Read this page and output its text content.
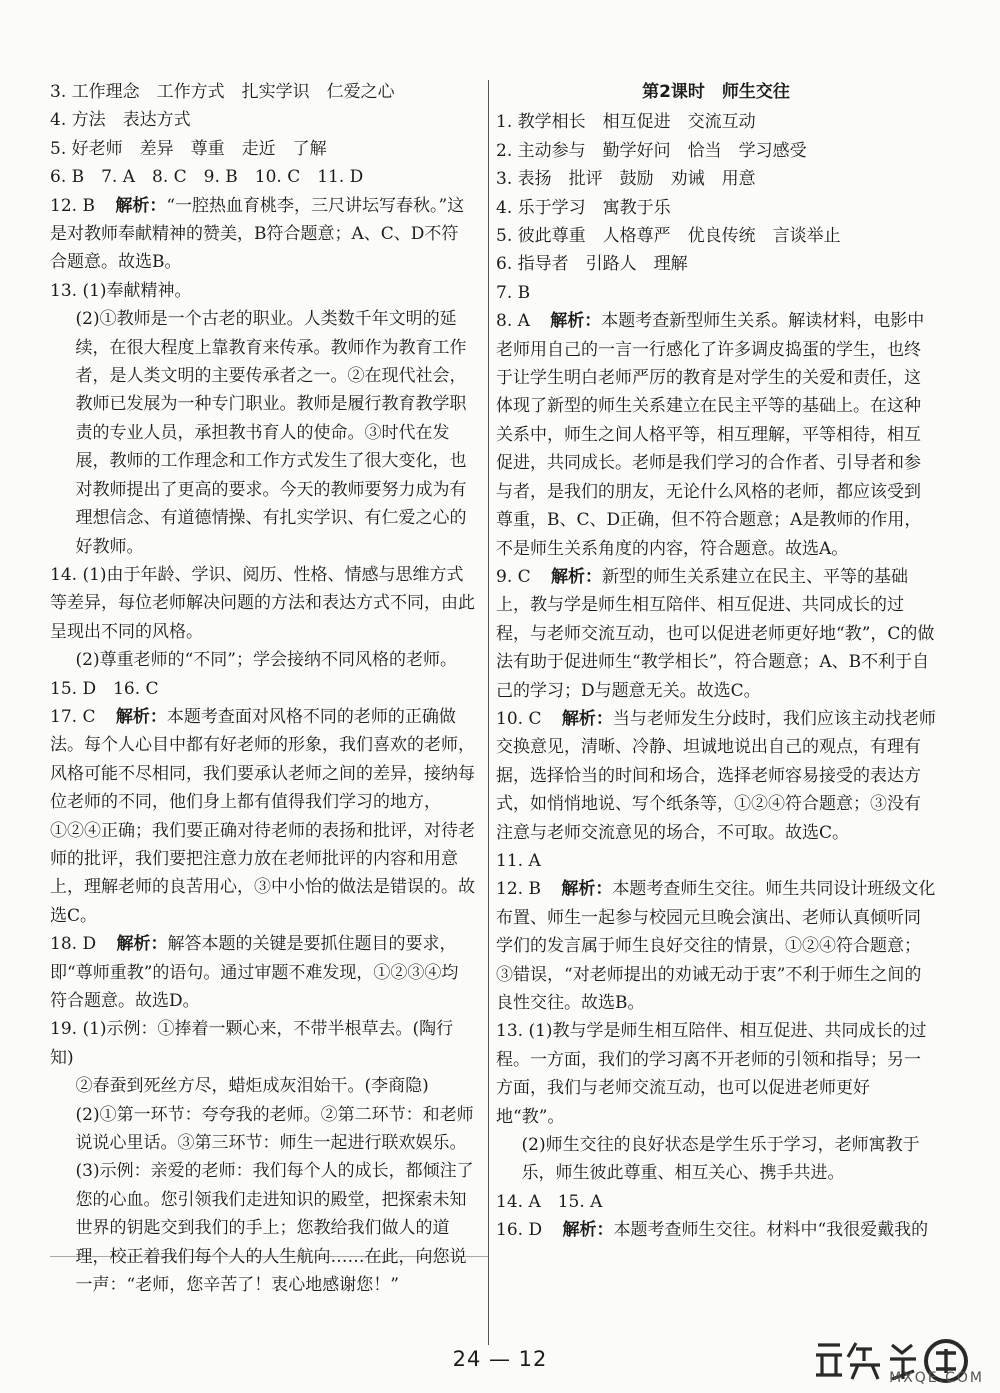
3. 工作理念　工作方式　扎实学识　仁爱之心
4. 方法　表达方式
5. 好老师　差异　尊重　走近　了解
6. B　7. A　8. C　9. B　10. C　11. D
12. B 解析：“一腔热血育桃李，三尺讲坛写春秋。”这是对教师奉献精神的赞美，B符合题意；A、C、D不符合题意。故选B。
13. (1)奉献精神。
(2)①教师是一个古老的职业。人类数千年文明的延续，在很大程度上靠教育来传承。教师作为教育工作者，是人类文明的主要传承者之一。②在现代社会，教师已发展为一种专门职业。教师是履行教育教学职责的专业人员，承担教书育人的使命。③时代在发展，教师的工作理念和工作方式发生了很大变化，也对教师提出了更高的要求。今天的教师要努力成为有理想信念、有道德情操、有扎实学识、有仁爱之心的好教师。
14. (1)由于年龄、学识、阅历、性格、情感与思维方式等差异，每位老师解决问题的方法和表达方式不同，由此呈现出不同的风格。
(2)尊重老师的“不同”；学会接纳不同风格的老师。
15. D　16. C
17. C 解析：本题考查面对风格不同的老师的正确做法。每个人心目中都有好老师的形象，我们喜欢的老师，风格可能不尽相同，我们要承认老师之间的差异，接纳每位老师的不同，他们身上都有值得我们学习的地方，①②④正确；我们要正确对待老师的表扬和批评，对待老师的批评，我们要把注意力放在老师批评的内容和用意上，理解老师的良苦用心，③中小怡的做法是错误的。故选C。
18. D 解析：解答本题的关键是要抓住题目的要求，即“尊师重教”的语句。通过审题不难发现，①②③④均符合题意。故选D。
19. (1)示例：①捧着一颗心来，不带半根草去。(陶行知)
②春蚕到死丝方尽，蜡炬成灰泪始干。(李商隐)
(2)①第一环节：夸夸我的老师。②第二环节：和老师说说心里话。③第三环节：师生一起进行联欢娱乐。
(3)示例：亲爱的老师：我们每个人的成长，都倾注了您的心血。您引领我们走进知识的殿堂，把探索未知世界的钥匙交到我们的手上；您教给我们做人的道理，校正着我们每个人的人生航向……在此，向您说一声：“老师，您辛苦了！衷心地感谢您！”
第2课时　师生交往
1. 教学相长　相互促进　交流互动
2. 主动参与　勤学好问　恰当　学习感受
3. 表扬　批评　鼓励　劝诫　用意
4. 乐于学习　寓教于乐
5. 彼此尊重　人格尊严　优良传统　言谈举止
6. 指导者　引路人　理解
7. B
8. A 解析：本题考查新型师生关系。解读材料，电影中老师用自己的一言一行感化了许多调皮捣蛋的学生，也终于让学生明白老师严厉的教育是对学生的关爱和责任，这体现了新型的师生关系建立在民主平等的基础上。在这种关系中，师生之间人格平等，相互理解，平等相待，相互促进，共同成长。老师是我们学习的合作者、引导者和参与者，是我们的朋友，无论什么风格的老师，都应该受到尊重，B、C、D正确，但不符合题意；A是教师的作用，不是师生关系角度的内容，符合题意。故选A。
9. C 解析：新型的师生关系建立在民主、平等的基础上，教与学是师生相互陪伴、相互促进、共同成长的过程，与老师交流互动，也可以促进老师更好地“教”，C的做法有助于促进师生“教学相长”，符合题意；A、B不利于自己的学习；D与题意无关。故选C。
10. C 解析：当与老师发生分歧时，我们应该主动找老师交换意见，清晰、冷静、坦诚地说出自己的观点，有理有据，选择恰当的时间和场合，选择老师容易接受的表达方式，如悄悄地说、写个纸条等，①②④符合题意；③没有注意与老师交流意见的场合，不可取。故选C。
11. A
12. B 解析：本题考查师生交往。师生共同设计班级文化布置、师生一起参与校园元旦晚会演出、老师认真倾听同学们的发言属于师生良好交往的情景，①②④符合题意；③错误，“对老师提出的劝诫无动于衷”不利于师生之间的良性交往。故选B。
13. (1)教与学是师生相互陪伴、相互促进、共同成长的过程。一方面，我们的学习离不开老师的引领和指导；另一方面，我们与老师交流互动，也可以促进老师更好地“教”。
(2)师生交往的良好状态是学生乐于学习，老师寓教于乐，师生彼此尊重、相互关心、携手共进。
14. A　15. A
16. D 解析：本题考查师生交往。材料中“我很爱戴我的
24 — 12
MXQE.COM
